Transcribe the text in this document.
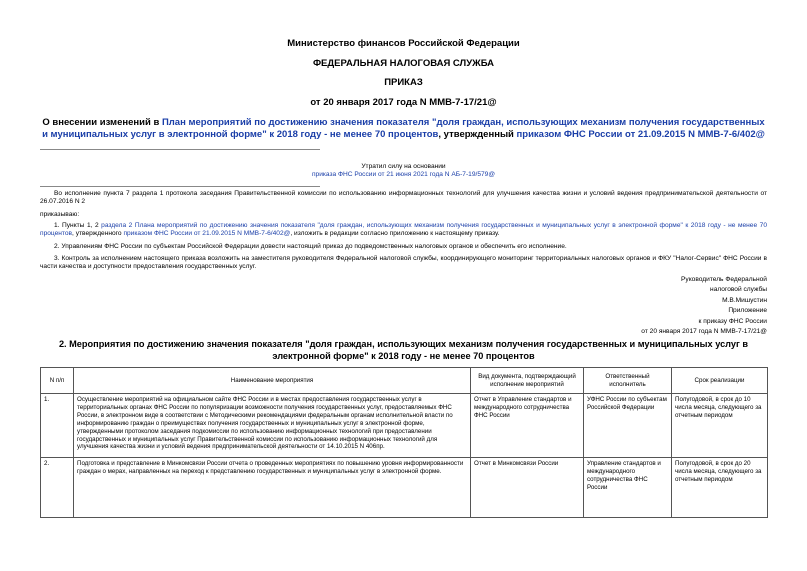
Министерство финансов Российской Федерации
ФЕДЕРАЛЬНАЯ НАЛОГОВАЯ СЛУЖБА
ПРИКАЗ
от 20 января 2017 года N ММВ-7-17/21@
О внесении изменений в План мероприятий по достижению значения показателя "доля граждан, использующих механизм получения государственных и муниципальных услуг в электронной форме" к 2018 году - не менее 70 процентов, утвержденный приказом ФНС России от 21.09.2015 N ММВ-7-6/402@
Утратил силу на основании
приказа ФНС России от 21 июня 2021 года N АБ-7-19/579@
Во исполнение пункта 7 раздела 1 протокола заседания Правительственной комиссии по использованию информационных технологий для улучшения качества жизни и условий ведения предпринимательской деятельности от 26.07.2016 N 2
приказываю:
1. Пункты 1, 2 раздела 2 Плана мероприятий по достижению значения показателя "доля граждан, использующих механизм получения государственных и муниципальных услуг в электронной форме" к 2018 году - не менее 70 процентов, утвержденного приказом ФНС России от 21.09.2015 N ММВ-7-6/402@, изложить в редакции согласно приложению к настоящему приказу.
2. Управлениям ФНС России по субъектам Российской Федерации довести настоящий приказ до подведомственных налоговых органов и обеспечить его исполнение.
3. Контроль за исполнением настоящего приказа возложить на заместителя руководителя Федеральной налоговой службы, координирующего мониторинг территориальных налоговых органов и ФКУ "Налог-Сервис" ФНС России в части качества и доступности предоставления государственных услуг.
Руководитель Федеральной
налоговой службы
М.В.Мишустин
Приложение
к приказу ФНС России
от 20 января 2017 года N ММВ-7-17/21@
2. Мероприятия по достижению значения показателя "доля граждан, использующих механизм получения государственных и муниципальных услуг в электронной форме" к 2018 году - не менее 70 процентов
N п/п	Наименование мероприятия	Вид документа, подтверждающий исполнение мероприятий	Ответственный исполнитель	Срок реализации
1.	Осуществление мероприятий на официальном сайте ФНС России и в местах предоставления государственных услуг в территориальных органах ФНС России по популяризации возможности получения государственных услуг, предоставляемых ФНС России, в электронном виде в соответствии с Методическими рекомендациями федеральным органам исполнительной власти по информированию граждан о преимуществах получения государственных и муниципальных услуг в электронной форме, утвержденными протоколом заседания подкомиссии по использованию информационных технологий при предоставлении государственных и муниципальных услуг Правительственной комиссии по использованию информационных технологий для улучшения качества жизни и условий ведения предпринимательской деятельности от 14.10.2015 N 406пр.	Отчет в Управление стандартов и международного сотрудничества ФНС России	УФНС России по субъектам Российской Федерации	Полугодовой, в срок до 10 числа месяца, следующего за отчетным периодом
2.	Подготовка и представление в Минкомсвязи России отчета о проведенных мероприятиях по повышению уровня информированности граждан о мерах, направленных на переход к представлению государственных и муниципальных услуг в электронной форме.	Отчет в Минкомсвязи России	Управление стандартов и международного сотрудничества ФНС России	Полугодовой, в срок до 20 числа месяца, следующего за отчетным периодом
